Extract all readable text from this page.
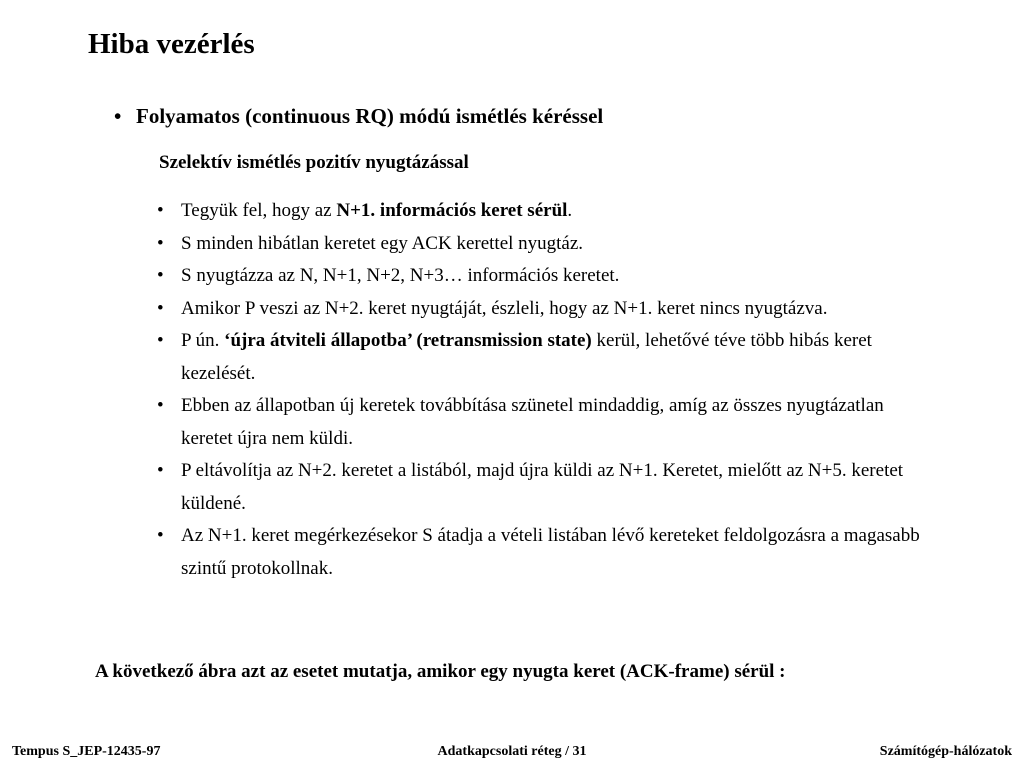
Hiba vezérlés
• Folyamatos (continuous RQ) módú ismétlés kéréssel
Szelektív ismétlés pozitív nyugtázással
• Tegyük fel, hogy az N+1. információs keret sérül.
• S minden hibátlan keretet egy ACK kerettel nyugtáz.
• S nyugtázza az N, N+1, N+2, N+3… információs keretet.
• Amikor P veszi az N+2. keret nyugtáját, észleli, hogy az N+1. keret nincs nyugtázva.
• P ún. ‘újra átviteli állapotba’ (retransmission state) kerül, lehetővé téve több hibás keret kezelését.
• Ebben az állapotban új keretek továbbítása szünetel mindaddig, amíg az összes nyugtázatlan keretet újra nem küldi.
• P eltávolítja az N+2. keretet a listából, majd újra küldi az N+1. Keretet, mielőtt az N+5. keretet küldené.
• Az N+1. keret megérkezésekor S átadja a vételi listában lévő kereteket feldolgozásra a magasabb szintű protokollnak.
A következő ábra azt az esetet mutatja, amikor egy nyugta keret (ACK-frame) sérül :
Tempus S_JEP-12435-97	Adatkapcsolati réteg / 31	Számítógép-hálózatok
